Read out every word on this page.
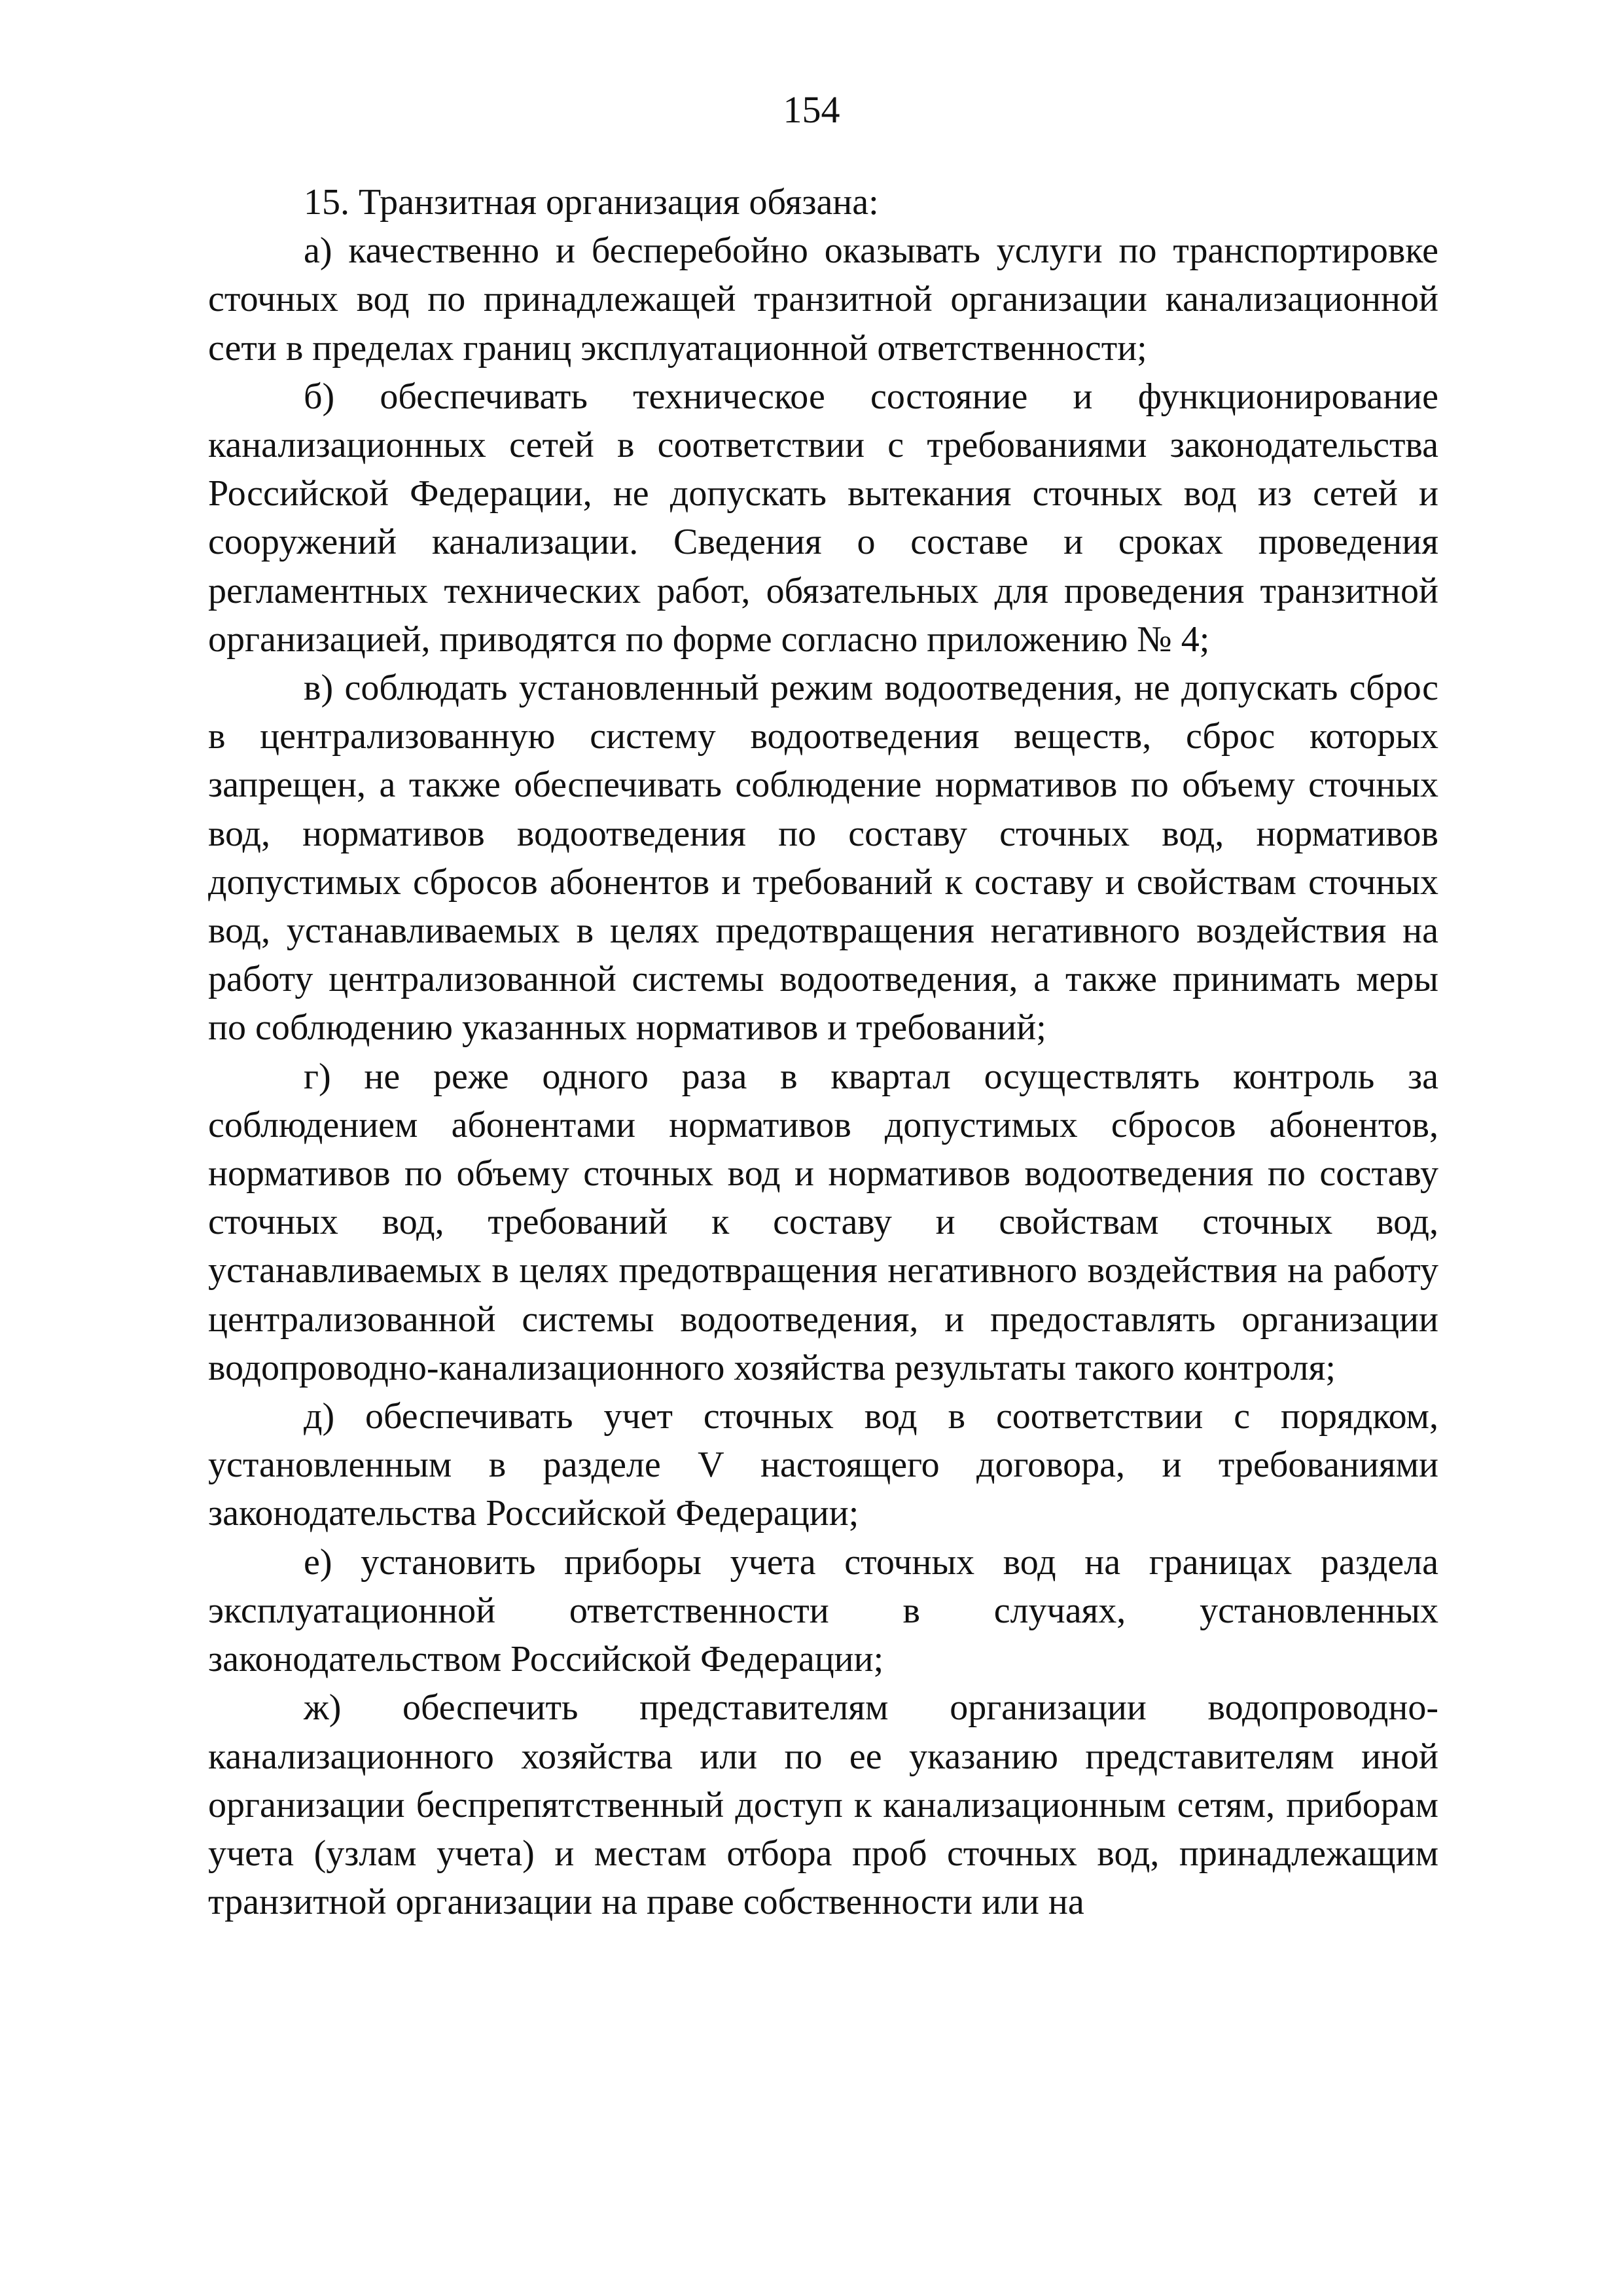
154

15. Транзитная организация обязана:

а) качественно и бесперебойно оказывать услуги по транспортировке сточных вод по принадлежащей транзитной организации канализационной сети в пределах границ эксплуатационной ответственности;

б) обеспечивать техническое состояние и функционирование канализационных сетей в соответствии с требованиями законодательства Российской Федерации, не допускать вытекания сточных вод из сетей и сооружений канализации. Сведения о составе и сроках проведения регламентных технических работ, обязательных для проведения транзитной организацией, приводятся по форме согласно приложению № 4;

в) соблюдать установленный режим водоотведения, не допускать сброс в централизованную систему водоотведения веществ, сброс которых запрещен, а также обеспечивать соблюдение нормативов по объему сточных вод, нормативов водоотведения по составу сточных вод, нормативов допустимых сбросов абонентов и требований к составу и свойствам сточных вод, устанавливаемых в целях предотвращения негативного воздействия на работу централизованной системы водоотведения, а также принимать меры по соблюдению указанных нормативов и требований;

г) не реже одного раза в квартал осуществлять контроль за соблюдением абонентами нормативов допустимых сбросов абонентов, нормативов по объему сточных вод и нормативов водоотведения по составу сточных вод, требований к составу и свойствам сточных вод, устанавливаемых в целях предотвращения негативного воздействия на работу централизованной системы водоотведения, и предоставлять организации водопроводно-канализационного хозяйства результаты такого контроля;

д) обеспечивать учет сточных вод в соответствии с порядком, установленным в разделе V настоящего договора, и требованиями законодательства Российской Федерации;

е) установить приборы учета сточных вод на границах раздела эксплуатационной ответственности в случаях, установленных законодательством Российской Федерации;

ж) обеспечить представителям организации водопроводно-канализационного хозяйства или по ее указанию представителям иной организации беспрепятственный доступ к канализационным сетям, приборам учета (узлам учета) и местам отбора проб сточных вод, принадлежащим транзитной организации на праве собственности или на
